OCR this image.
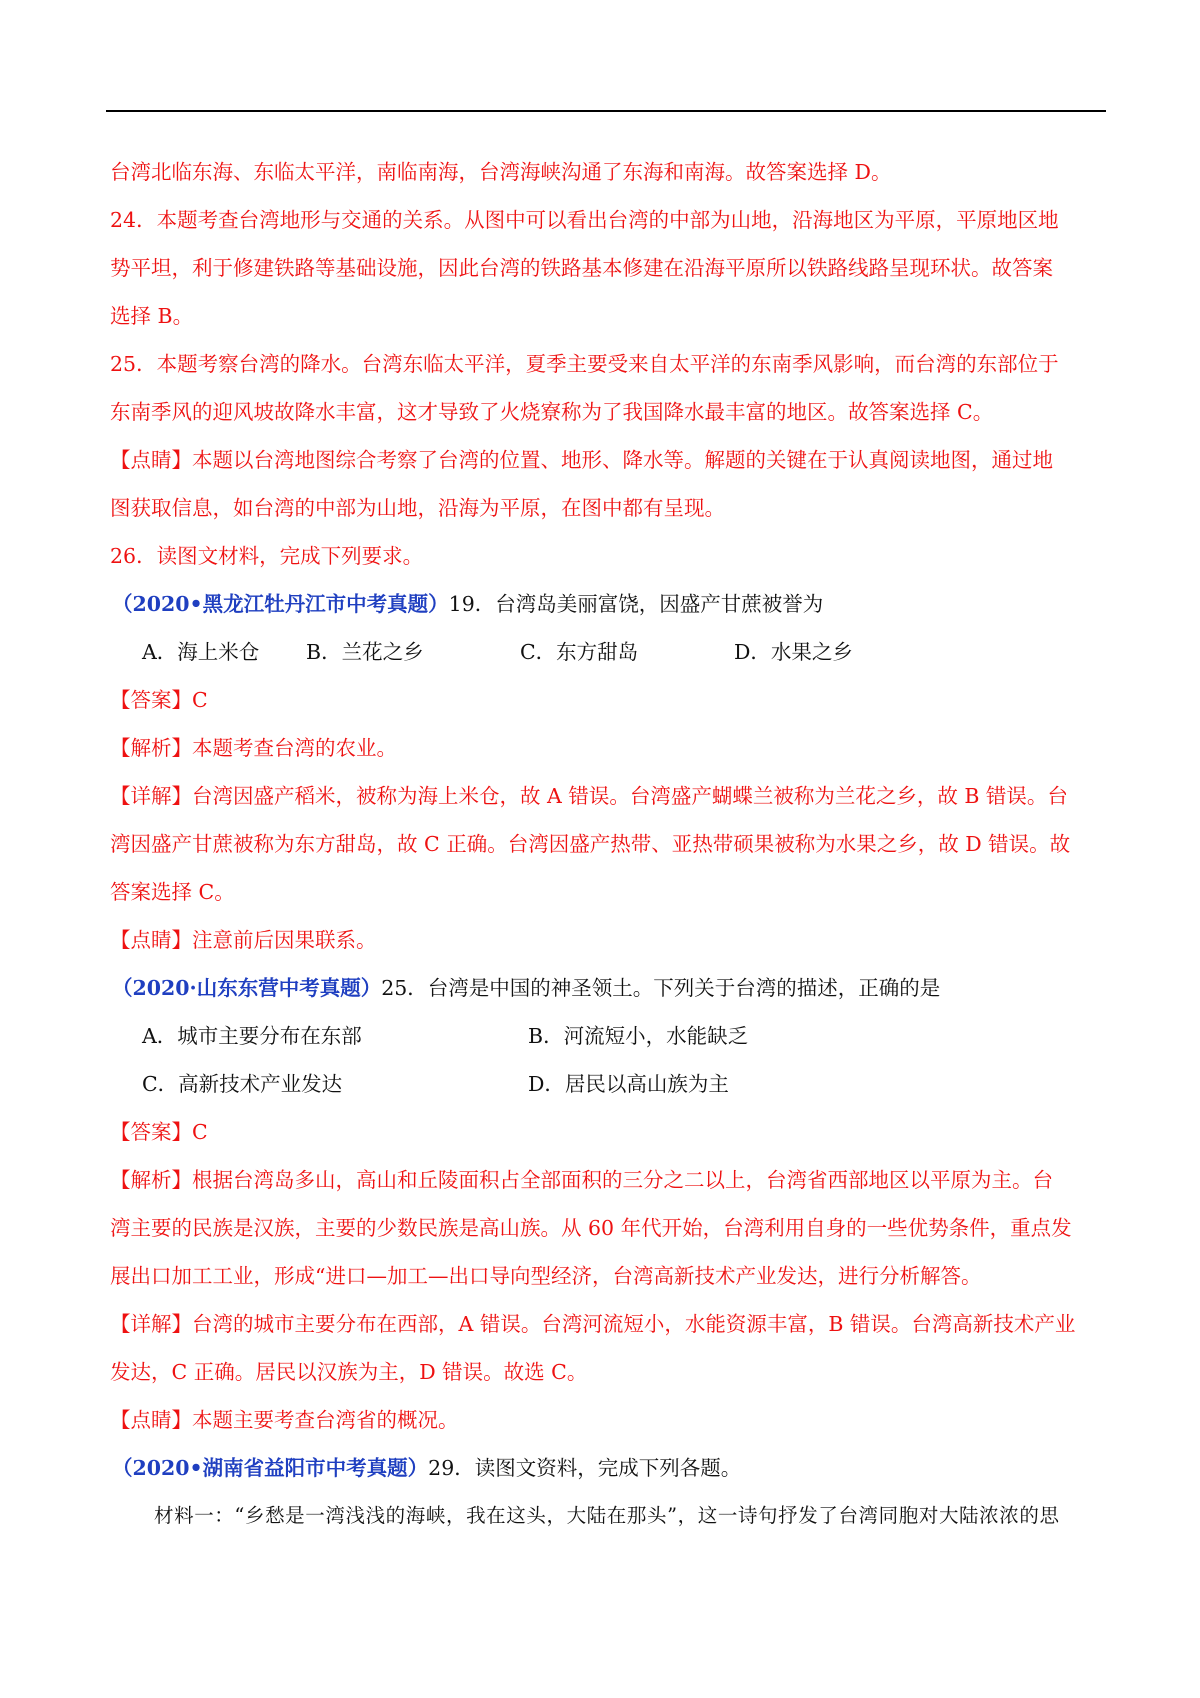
台湾北临东海、东临太平洋，南临南海，台湾海峡沟通了东海和南海。故答案选择 D。

24．本题考查台湾地形与交通的关系。从图中可以看出台湾的中部为山地，沿海地区为平原，平原地区地

势平坦，利于修建铁路等基础设施，因此台湾的铁路基本修建在沿海平原所以铁路线路呈现环状。故答案

选择 B。

25．本题考察台湾的降水。台湾东临太平洋，夏季主要受来自太平洋的东南季风影响，而台湾的东部位于

东南季风的迎风坡故降水丰富，这才导致了火烧寮称为了我国降水最丰富的地区。故答案选择 C。

【点睛】本题以台湾地图综合考察了台湾的位置、地形、降水等。解题的关键在于认真阅读地图，通过地

图获取信息，如台湾的中部为山地，沿海为平原，在图中都有呈现。

26．读图文材料，完成下列要求。

（2020•黑龙江牡丹江市中考真题）19．台湾岛美丽富饶，因盛产甘蔗被誉为

A．海上米仓	B．兰花之乡	C．东方甜岛	D．水果之乡

【答案】C

【解析】本题考查台湾的农业。

【详解】台湾因盛产稻米，被称为海上米仓，故 A 错误。台湾盛产蝴蝶兰被称为兰花之乡，故 B 错误。台

湾因盛产甘蔗被称为东方甜岛，故 C 正确。台湾因盛产热带、亚热带硕果被称为水果之乡，故 D 错误。故

答案选择 C。

【点睛】注意前后因果联系。

（2020·山东东营中考真题）25．台湾是中国的神圣领土。下列关于台湾的描述，正确的是

A．城市主要分布在东部	B．河流短小，水能缺乏
C．高新技术产业发达	D．居民以高山族为主

【答案】C

【解析】根据台湾岛多山，高山和丘陵面积占全部面积的三分之二以上，台湾省西部地区以平原为主。台

湾主要的民族是汉族，主要的少数民族是高山族。从 60 年代开始，台湾利用自身的一些优势条件，重点发

展出口加工工业，形成“进口—加工—出口导向型经济，台湾高新技术产业发达，进行分析解答。

【详解】台湾的城市主要分布在西部，A 错误。台湾河流短小，水能资源丰富，B 错误。台湾高新技术产业

发达，C 正确。居民以汉族为主，D 错误。故选 C。

【点睛】本题主要考查台湾省的概况。

（2020•湖南省益阳市中考真题）29．读图文资料，完成下列各题。

材料一：“乡愁是一湾浅浅的海峡，我在这头，大陆在那头”，这一诗句抒发了台湾同胞对大陆浓浓的思
